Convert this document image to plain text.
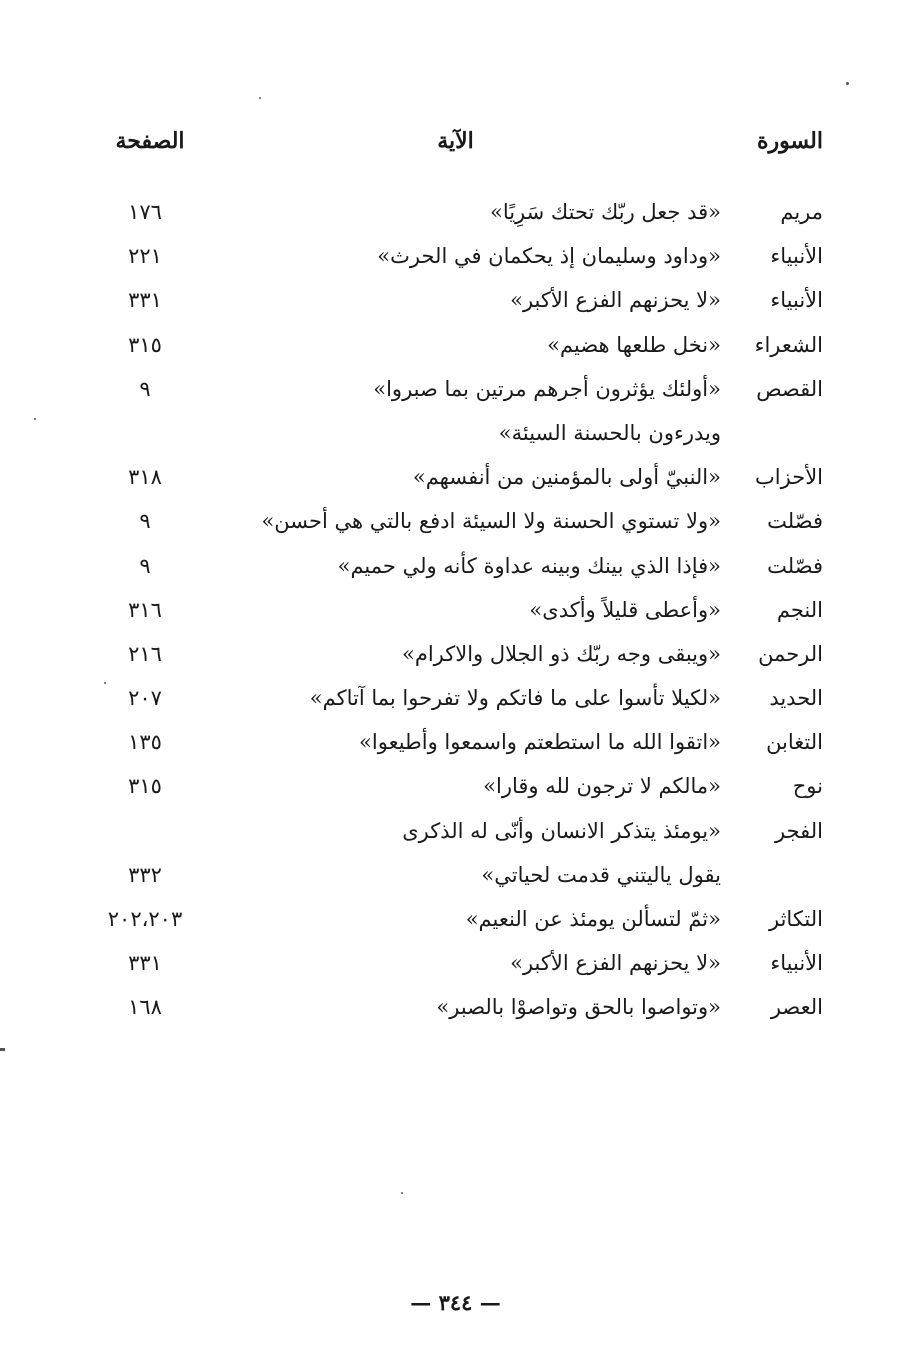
السورة
الآية
الصفحة
مريم
«قد جعل ربّك تحتك سَرِيًا»
١٧٦
الأنبياء
«وداود وسليمان إذ يحكمان في الحرث»
٢٢١
الأنبياء
«لا يحزنهم الفزع الأكبر»
٣٣١
الشعراء
«نخل طلعها هضيم»
٣١٥
القصص
«أولئك يؤثرون أجرهم مرتين بما صبروا»
٩
ويدرءون بالحسنة السيئة»
الأحزاب
«النبيّ أولى بالمؤمنين من أنفسهم»
٣١٨
فصّلت
«ولا تستوي الحسنة ولا السيئة ادفع بالتي هي أحسن»
٩
فصّلت
«فإذا الذي بينك وبينه عداوة كأنه ولي حميم»
٩
النجم
«وأعطى قليلاً وأكدى»
٣١٦
الرحمن
«ويبقى وجه ربّك ذو الجلال والاكرام»
٢١٦
الحديد
«لكيلا تأسوا على ما فاتكم ولا تفرحوا بما آتاكم»
٢٠٧
التغابن
«اتقوا الله ما استطعتم واسمعوا وأطيعوا»
١٣٥
نوح
«مالكم لا ترجون لله وقارا»
٣١٥
الفجر
«يومئذ يتذكر الانسان وأنّى له الذكرى
يقول ياليتني قدمت لحياتي»
٣٣٢
التكاثر
«ثمّ لتسألن يومئذ عن النعيم»
٢٠٢،٢٠٣
الأنبياء
«لا يحزنهم الفزع الأكبر»
٣٣١
العصر
«وتواصوا بالحق وتواصوْا بالصبر»
١٦٨
— ٣٤٤ —
